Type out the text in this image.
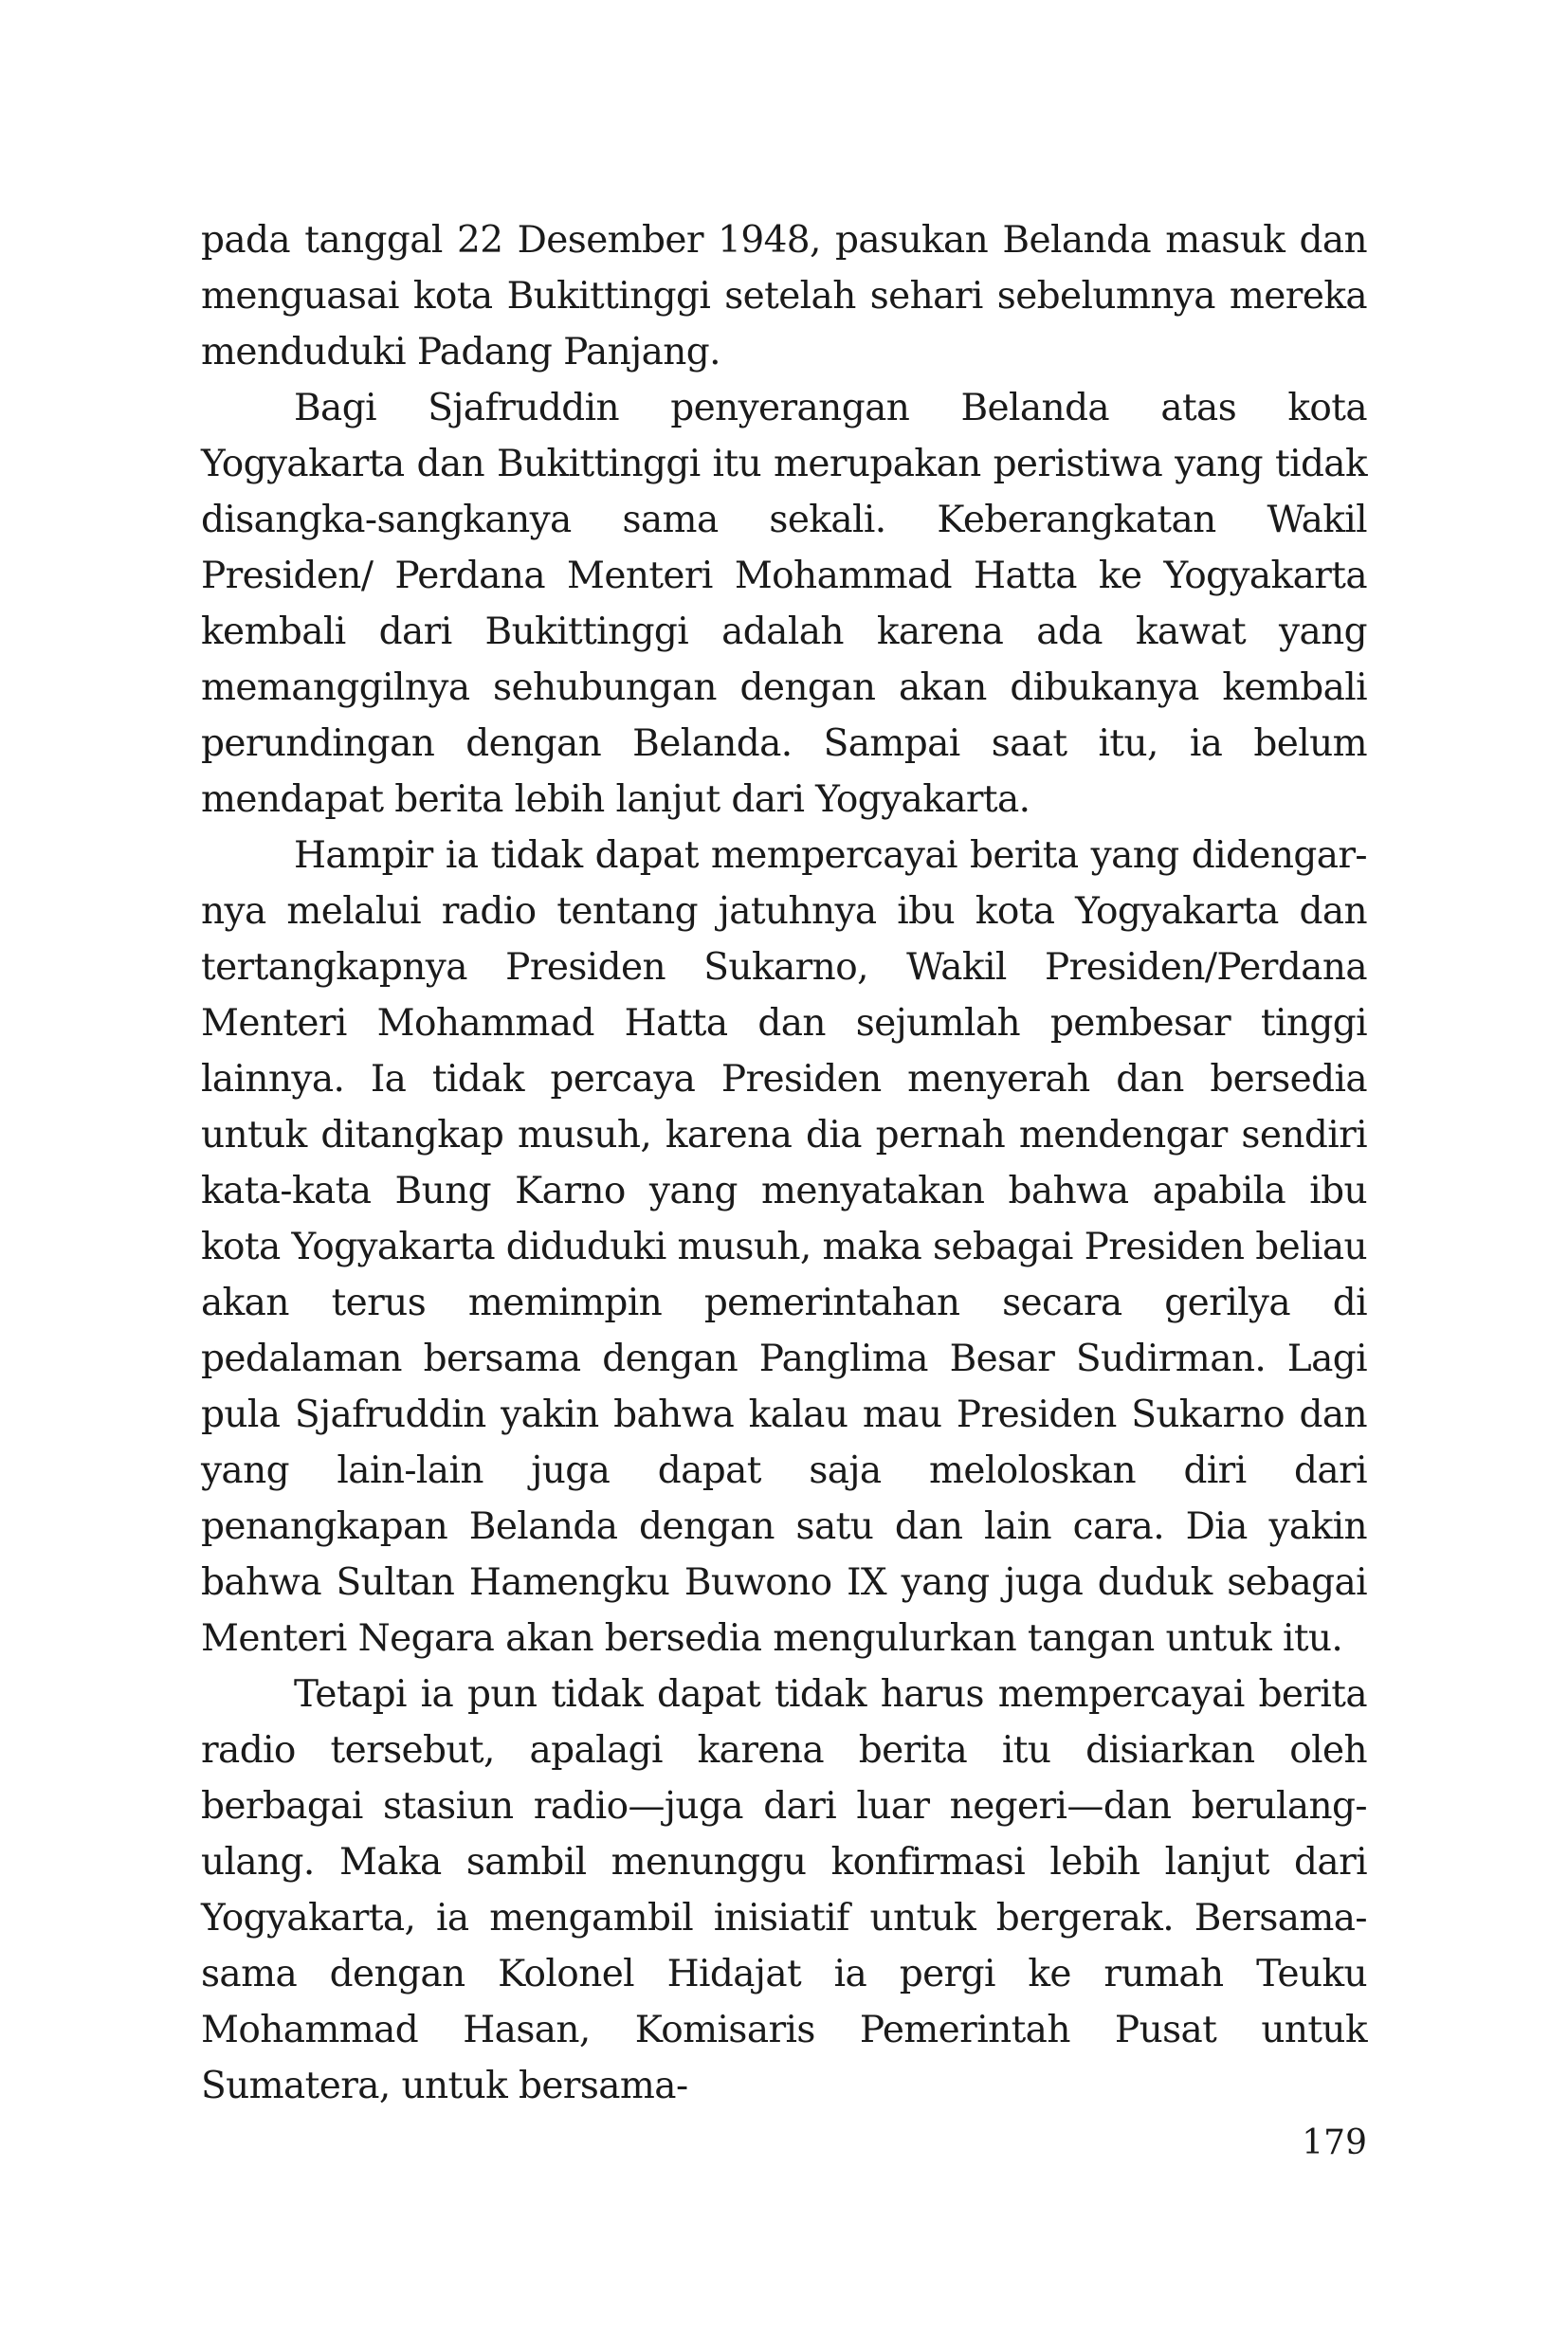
pada tanggal 22 Desember 1948, pasukan Belanda masuk dan menguasai kota Bukittinggi setelah sehari sebelumnya mereka menduduki Padang Panjang.

Bagi Sjafruddin penyerangan Belanda atas kota Yogyakarta dan Bukittinggi itu merupakan peristiwa yang tidak disangka-sangkanya sama sekali. Keberangkatan Wakil Presiden/ Perdana Menteri Mohammad Hatta ke Yogyakarta kembali dari Bukittinggi adalah karena ada kawat yang memanggilnya sehubungan dengan akan dibukanya kembali perundingan dengan Belanda. Sampai saat itu, ia belum mendapat berita lebih lanjut dari Yogyakarta.

Hampir ia tidak dapat mempercayai berita yang didengar-nya melalui radio tentang jatuhnya ibu kota Yogyakarta dan tertangkapnya Presiden Sukarno, Wakil Presiden/Perdana Menteri Mohammad Hatta dan sejumlah pembesar tinggi lainnya. Ia tidak percaya Presiden menyerah dan bersedia untuk ditangkap musuh, karena dia pernah mendengar sendiri kata-kata Bung Karno yang menyatakan bahwa apabila ibu kota Yogyakarta diduduki musuh, maka sebagai Presiden beliau akan terus memimpin pemerintahan secara gerilya di pedalaman bersama dengan Panglima Besar Sudirman. Lagi pula Sjafruddin yakin bahwa kalau mau Presiden Sukarno dan yang lain-lain juga dapat saja meloloskan diri dari penangkapan Belanda dengan satu dan lain cara. Dia yakin bahwa Sultan Hamengku Buwono IX yang juga duduk sebagai Menteri Negara akan bersedia mengulurkan tangan untuk itu.

Tetapi ia pun tidak dapat tidak harus mempercayai berita radio tersebut, apalagi karena berita itu disiarkan oleh berbagai stasiun radio—juga dari luar negeri—dan berulang-ulang. Maka sambil menunggu konfirmasi lebih lanjut dari Yogyakarta, ia mengambil inisiatif untuk bergerak. Bersama-sama dengan Kolonel Hidajat ia pergi ke rumah Teuku Mohammad Hasan, Komisaris Pemerintah Pusat untuk Sumatera, untuk bersama-

179
